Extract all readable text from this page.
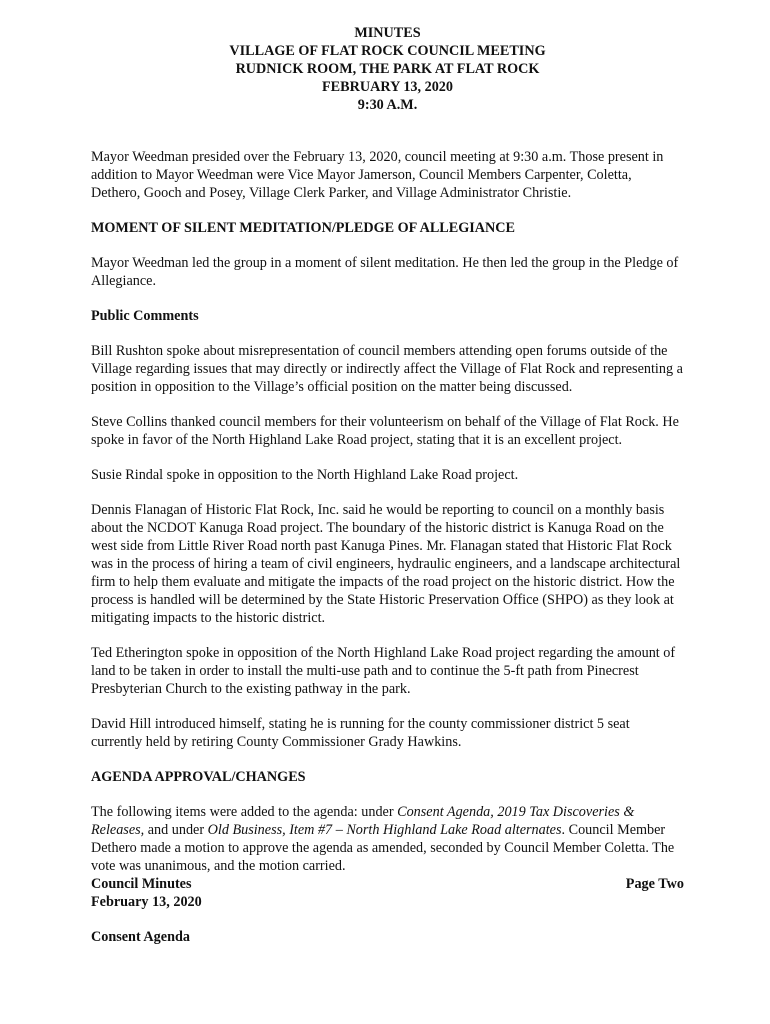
MINUTES
VILLAGE OF FLAT ROCK COUNCIL MEETING
RUDNICK ROOM, THE PARK AT FLAT ROCK
FEBRUARY 13, 2020
9:30 A.M.

Mayor Weedman presided over the February 13, 2020, council meeting at 9:30 a.m. Those present in addition to Mayor Weedman were Vice Mayor Jamerson, Council Members Carpenter, Coletta, Dethero, Gooch and Posey, Village Clerk Parker, and Village Administrator Christie.

MOMENT OF SILENT MEDITATION/PLEDGE OF ALLEGIANCE

Mayor Weedman led the group in a moment of silent meditation. He then led the group in the Pledge of Allegiance.

Public Comments

Bill Rushton spoke about misrepresentation of council members attending open forums outside of the Village regarding issues that may directly or indirectly affect the Village of Flat Rock and representing a position in opposition to the Village’s official position on the matter being discussed.

Steve Collins thanked council members for their volunteerism on behalf of the Village of Flat Rock. He spoke in favor of the North Highland Lake Road project, stating that it is an excellent project.

Susie Rindal spoke in opposition to the North Highland Lake Road project.

Dennis Flanagan of Historic Flat Rock, Inc. said he would be reporting to council on a monthly basis about the NCDOT Kanuga Road project. The boundary of the historic district is Kanuga Road on the west side from Little River Road north past Kanuga Pines. Mr. Flanagan stated that Historic Flat Rock was in the process of hiring a team of civil engineers, hydraulic engineers, and a landscape architectural firm to help them evaluate and mitigate the impacts of the road project on the historic district. How the process is handled will be determined by the State Historic Preservation Office (SHPO) as they look at mitigating impacts to the historic district.

Ted Etherington spoke in opposition of the North Highland Lake Road project regarding the amount of land to be taken in order to install the multi-use path and to continue the 5-ft path from Pinecrest Presbyterian Church to the existing pathway in the park.

David Hill introduced himself, stating he is running for the county commissioner district 5 seat currently held by retiring County Commissioner Grady Hawkins.

AGENDA APPROVAL/CHANGES

The following items were added to the agenda: under Consent Agenda, 2019 Tax Discoveries & Releases, and under Old Business, Item #7 – North Highland Lake Road alternates. Council Member Dethero made a motion to approve the agenda as amended, seconded by Council Member Coletta. The vote was unanimous, and the motion carried.

Council Minutes	Page Two
February 13, 2020
Consent Agenda
